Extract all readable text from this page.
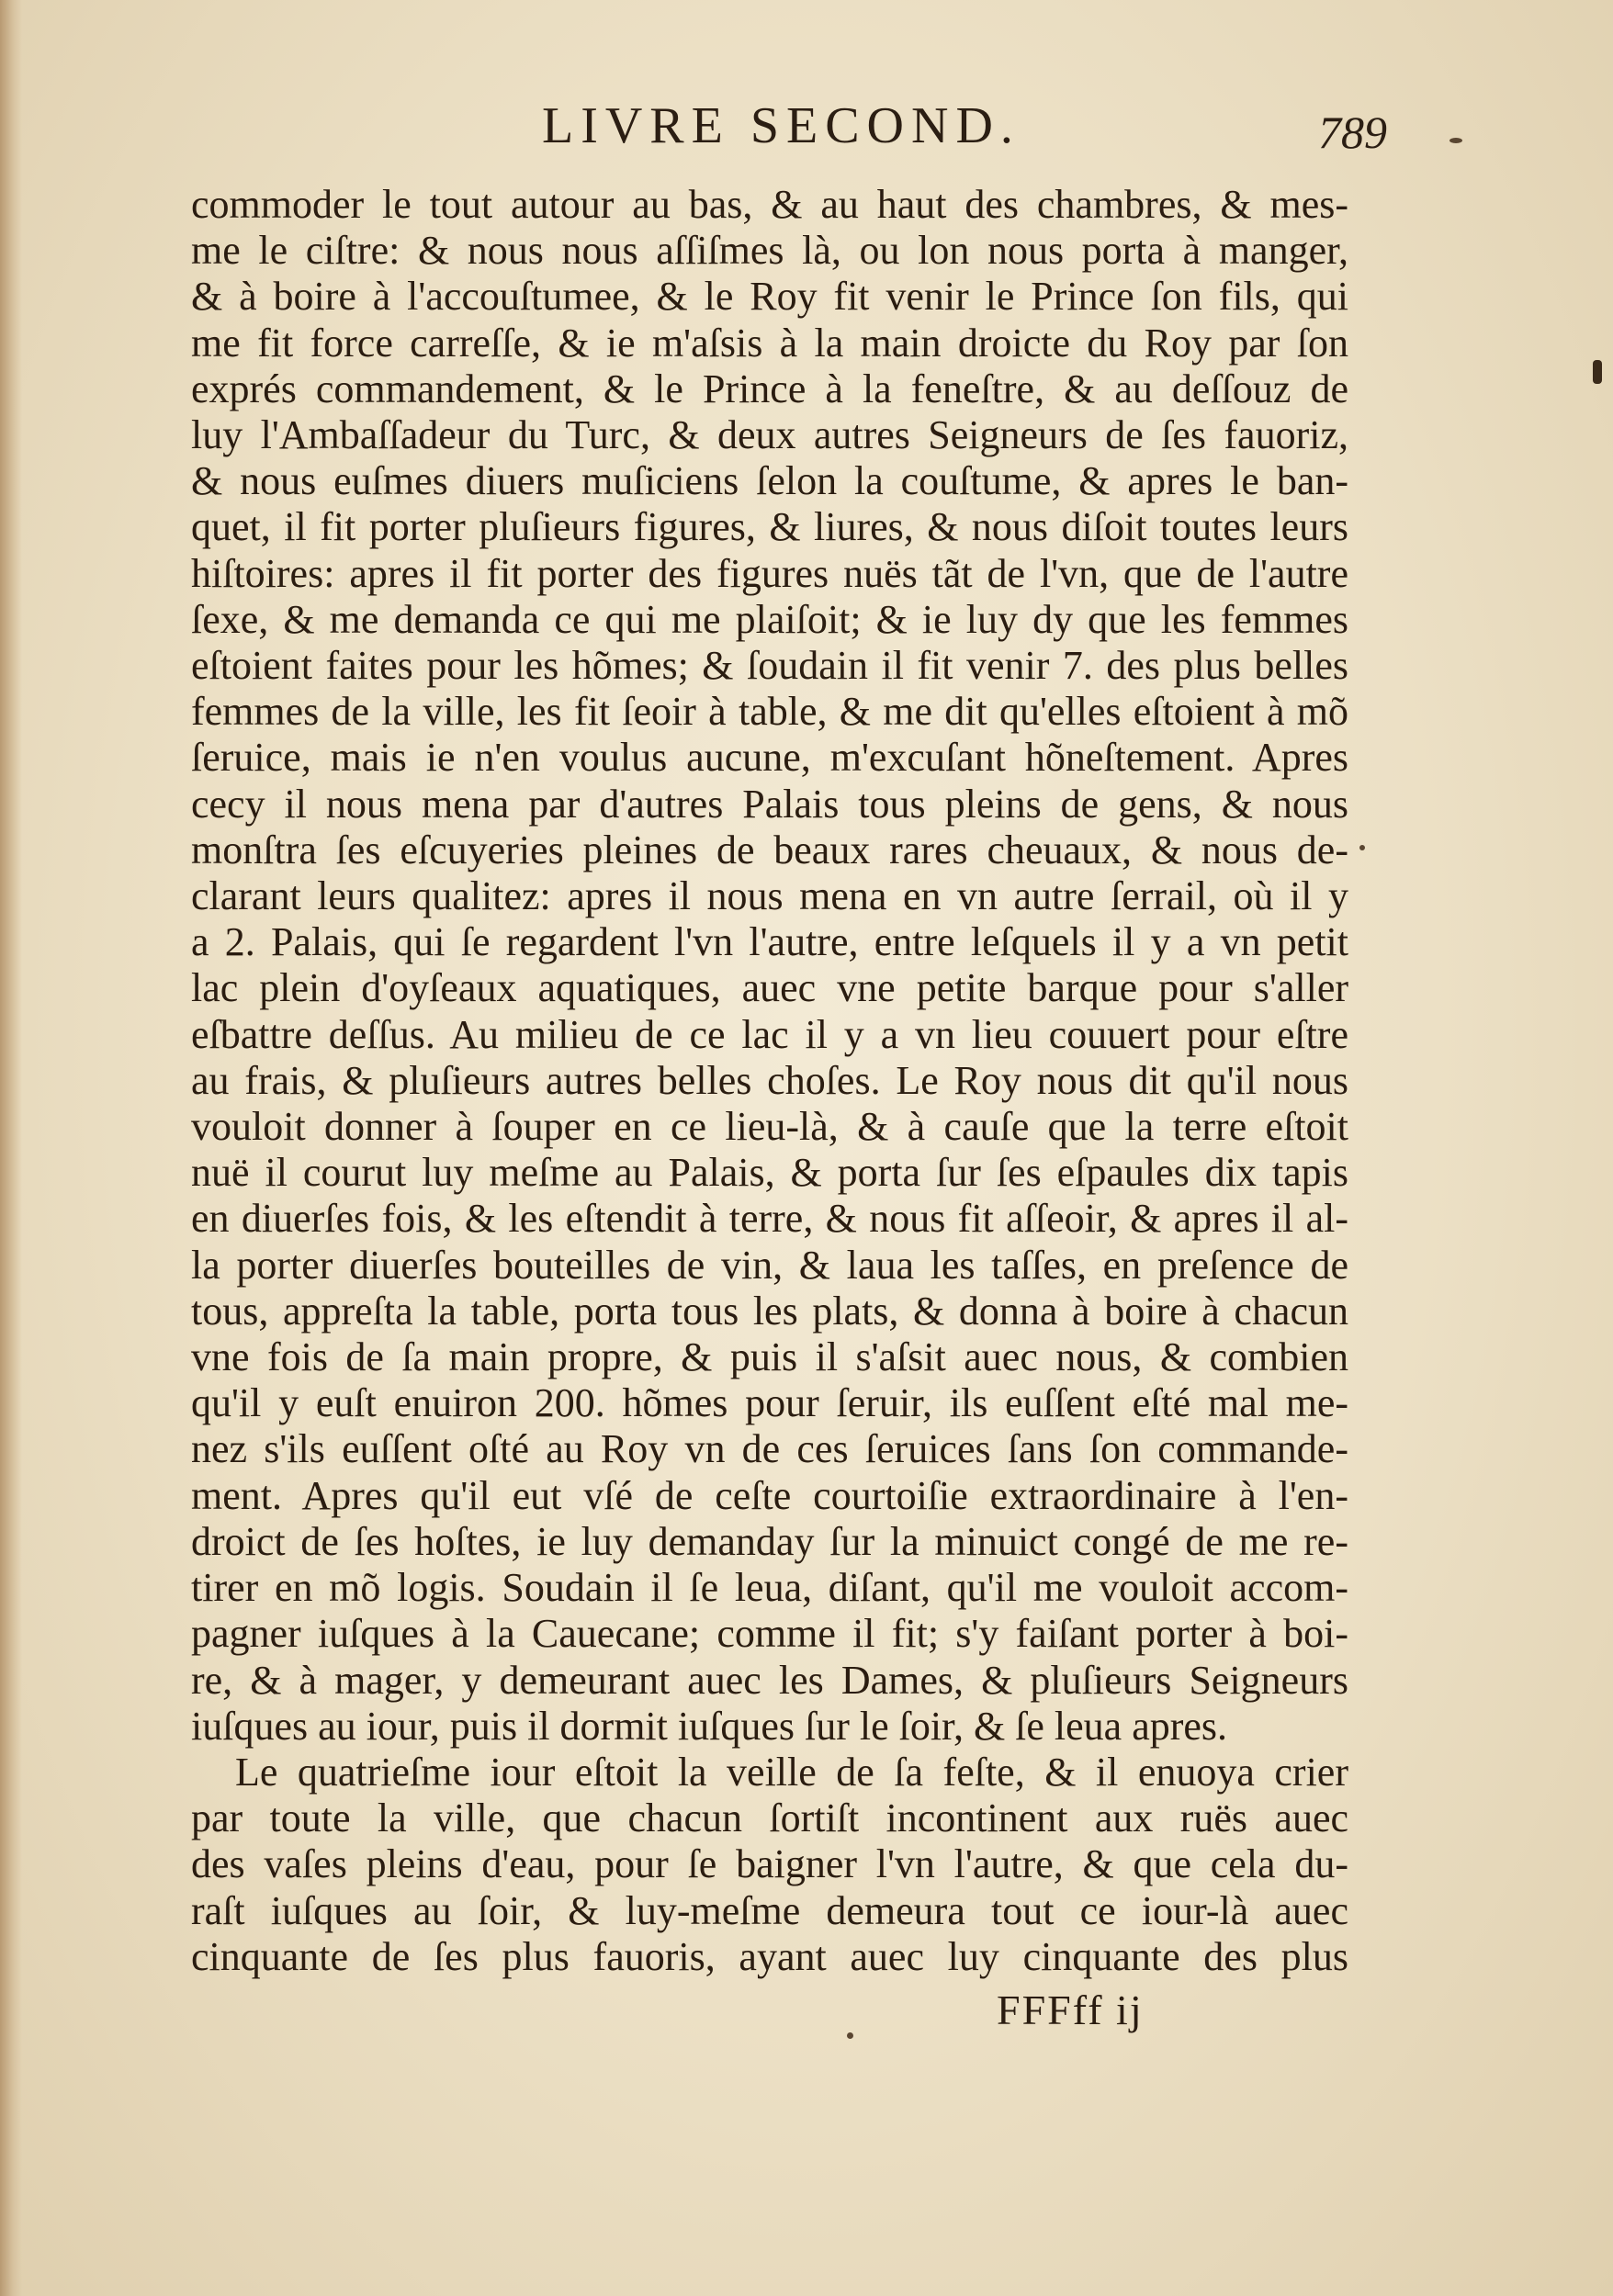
LIVRE SECOND.	789
commoder le tout autour au bas, & au haut des chambres, & mes-
me le ciſtre: & nous nous aſſiſmes là, ou lon nous porta à manger,
& à boire à l'accouſtumee, & le Roy fit venir le Prince ſon fils, qui
me fit force carreſſe, & ie m'aſsis à la main droicte du Roy par ſon
exprés commandement, & le Prince à la feneſtre, & au deſſouz de
luy l'Ambaſſadeur du Turc, & deux autres Seigneurs de ſes fauoriz,
& nous euſmes diuers muſiciens ſelon la couſtume, & apres le ban-
quet, il fit porter pluſieurs figures, & liures, & nous diſoit toutes leurs
hiſtoires: apres il fit porter des figures nuës tãt de l'vn, que de l'autre
ſexe, & me demanda ce qui me plaiſoit; & ie luy dy que les femmes
eſtoient faites pour les hõmes; & ſoudain il fit venir 7. des plus belles
femmes de la ville, les fit ſeoir à table, & me dit qu'elles eſtoient à mõ
ſeruice, mais ie n'en voulus aucune, m'excuſant hõneſtement. Apres
cecy il nous mena par d'autres Palais tous pleins de gens, & nous
monſtra ſes eſcuyeries pleines de beaux rares cheuaux, & nous de-
clarant leurs qualitez: apres il nous mena en vn autre ſerrail, où il y
a 2. Palais, qui ſe regardent l'vn l'autre, entre leſquels il y a vn petit
lac plein d'oyſeaux aquatiques, auec vne petite barque pour s'aller
eſbattre deſſus. Au milieu de ce lac il y a vn lieu couuert pour eſtre
au frais, & pluſieurs autres belles choſes. Le Roy nous dit qu'il nous
vouloit donner à ſouper en ce lieu-là, & à cauſe que la terre eſtoit
nuë il courut luy meſme au Palais, & porta ſur ſes eſpaules dix tapis
en diuerſes fois, & les eſtendit à terre, & nous fit aſſeoir, & apres il al-
la porter diuerſes bouteilles de vin, & laua les taſſes, en preſence de
tous, appreſta la table, porta tous les plats, & donna à boire à chacun
vne fois de ſa main propre, & puis il s'aſsit auec nous, & combien
qu'il y euſt enuiron 200. hõmes pour ſeruir, ils euſſent eſté mal me-
nez s'ils euſſent oſté au Roy vn de ces ſeruices ſans ſon commande-
ment. Apres qu'il eut vſé de ceſte courtoiſie extraordinaire à l'en-
droict de ſes hoſtes, ie luy demanday ſur la minuict congé de me re-
tirer en mõ logis. Soudain il ſe leua, diſant, qu'il me vouloit accom-
pagner iuſques à la Cauecane; comme il fit; s'y faiſant porter à boi-
re, & à mager, y demeurant auec les Dames, & pluſieurs Seigneurs
iuſques au iour, puis il dormit iuſques ſur le ſoir, & ſe leua apres.
Le quatrieſme iour eſtoit la veille de ſa feſte, & il enuoya crier
par toute la ville, que chacun ſortiſt incontinent aux ruës auec
des vaſes pleins d'eau, pour ſe baigner l'vn l'autre, & que cela du-
raſt iuſques au ſoir, & luy-meſme demeura tout ce iour-là auec
cinquante de ſes plus fauoris, ayant auec luy cinquante des plus
FFFff ij
